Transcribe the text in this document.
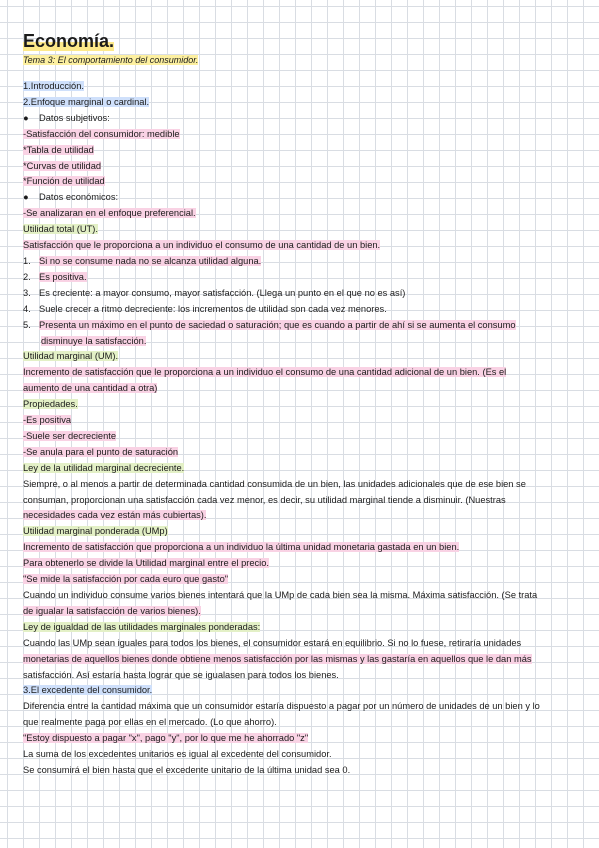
Economía.
Tema 3: El comportamiento del consumidor.
1.Introducción.
2.Enfoque marginal o cardinal.
● Datos subjetivos:
-Satisfacción del consumidor: medible
*Tabla de utilidad
*Curvas de utilidad
*Función de utilidad
● Datos económicos:
-Se analizaran en el enfoque preferencial.
Utilidad total (UT).
Satisfacción que le proporciona a un individuo el consumo de una cantidad de un bien.
1. Si no se consume nada no se alcanza utilidad alguna.
2. Es positiva.
3. Es creciente: a mayor consumo, mayor satisfacción. (Llega un punto en el que no es así)
4. Suele crecer a ritmo decreciente: los incrementos de utilidad son cada vez menores.
5. Presenta un máximo en el punto de saciedad o saturación; que es cuando a partir de ahí si se aumenta el consumo
disminuye la satisfacción.
Utilidad marginal (UM).
Incremento de satisfacción que le proporciona a un individuo el consumo de una cantidad adicional de un bien. (Es el
aumento de una cantidad a otra)
Propiedades.
-Es positiva
-Suele ser decreciente
-Se anula para el punto de saturación
Ley de la utilidad marginal decreciente.
Siempre, o al menos a partir de determinada cantidad consumida de un bien, las unidades adicionales que de ese bien se
consuman, proporcionan una satisfacción cada vez menor, es decir, su utilidad marginal tiende a disminuir. (Nuestras
necesidades cada vez están más cubiertas).
Utilidad marginal ponderada (UMp)
Incremento de satisfacción que proporciona a un individuo la última unidad monetaria gastada en un bien.
Para obtenerlo se divide la Utilidad marginal entre el precio.
"Se mide la satisfacción por cada euro que gasto"
Cuando un individuo consume varios bienes intentará que la UMp de cada bien sea la misma. Máxima satisfacción. (Se trata
de igualar la satisfacción de varios bienes).
Ley de igualdad de las utilidades marginales ponderadas:
Cuando las UMp sean iguales para todos los bienes, el consumidor estará en equilibrio. Si no lo fuese, retiraría unidades
monetarias de aquellos bienes donde obtiene menos satisfacción por las mismas y las gastaría en aquellos que le dan más
satisfacción. Así estaría hasta lograr que se igualasen para todos los bienes.
3.El excedente del consumidor.
Diferencia entre la cantidad máxima que un consumidor estaría dispuesto a pagar por un número de unidades de un bien y lo
que realmente paga por ellas en el mercado. (Lo que ahorro).
"Estoy dispuesto a pagar "x", pago "y", por lo que me he ahorrado "z"
La suma de los excedentes unitarios es igual al excedente del consumidor.
Se consumirá el bien hasta que el excedente unitario de la última unidad sea 0.
